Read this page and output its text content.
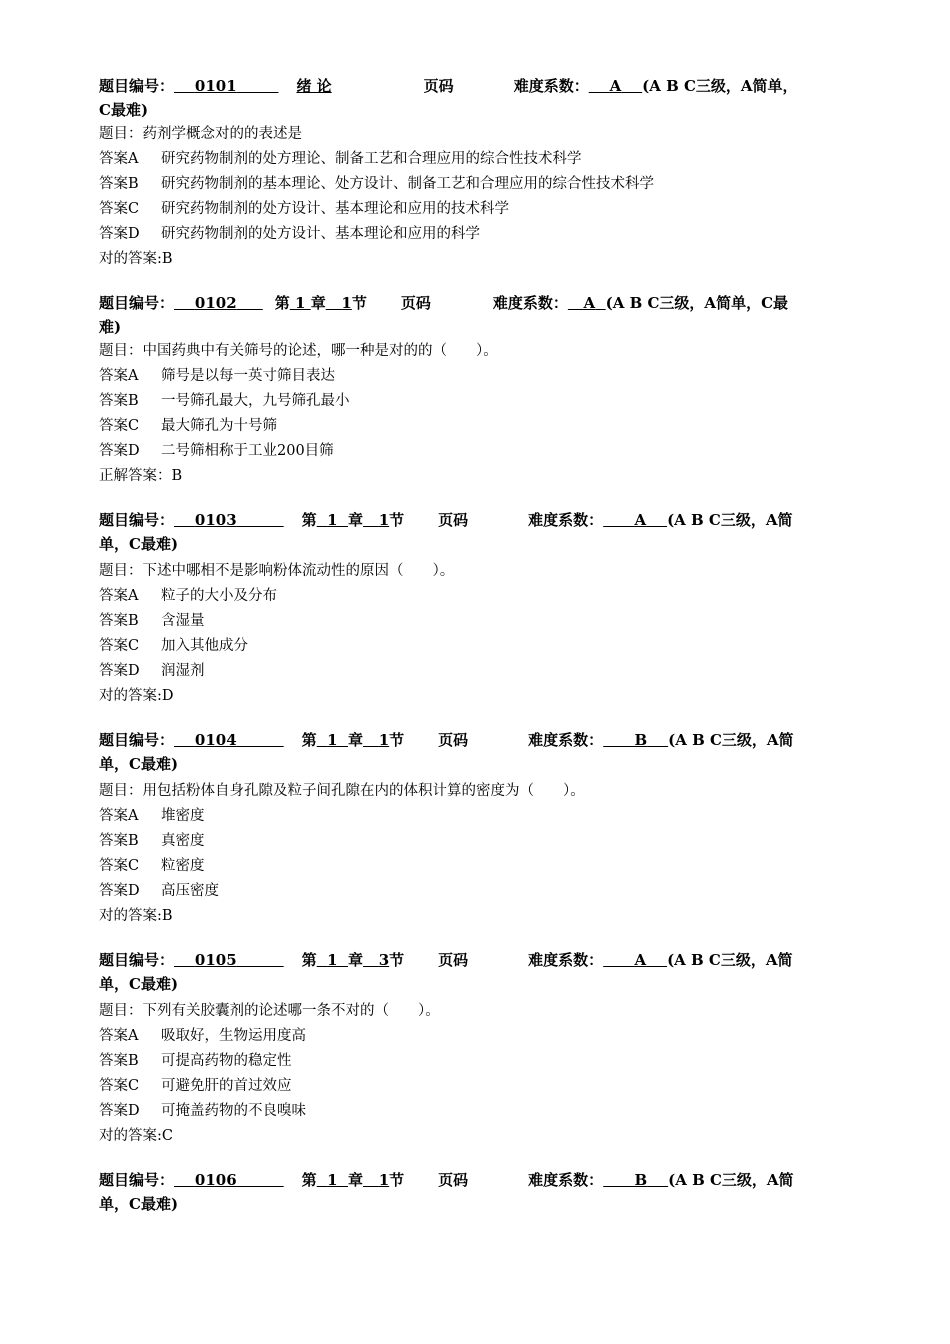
题目编号： 0101	绪 论	页码	难度系数： A (A B C三级，A简单，
C最难)
题目：药剂学概念对的的表述是
答案A 研究药物制剂的处方理论、制备工艺和合理应用的综合性技术科学
答案B 研究药物制剂的基本理论、处方设计、制备工艺和合理应用的综合性技术科学
答案C 研究药物制剂的处方设计、基本理论和应用的技术科学
答案D 研究药物制剂的处方设计、基本理论和应用的科学
对的答案:B
题目编号： 0102	第 1 章 1节 页码	难度系数： A (A B C三级，A简单，C最
难)
题目：中国药典中有关筛号的论述，哪一种是对的的（　　）。
答案A 筛号是以每一英寸筛目表达
答案B 一号筛孔最大，九号筛孔最小
答案C 最大筛孔为十号筛
答案D 二号筛相称于工业200目筛
正解答案：B
题目编号： 0103	第 1 章 1节 页码	难度系数： A (A B C三级，A简
单，C最难)
题目：下述中哪相不是影响粉体流动性的原因（　　）。
答案A 粒子的大小及分布
答案B 含湿量
答案C 加入其他成分
答案D 润湿剂
对的答案:D
题目编号： 0104	第 1 章 1节 页码	难度系数： B (A B C三级，A简
单，C最难)
题目：用包括粉体自身孔隙及粒子间孔隙在内的体积计算的密度为（　　）。
答案A 堆密度
答案B 真密度
答案C 粒密度
答案D 高压密度
对的答案:B
题目编号： 0105	第 1 章 3节 页码	难度系数： A (A B C三级，A简
单，C最难)
题目：下列有关胶囊剂的论述哪一条不对的（　　）。
答案A 吸取好，生物运用度高
答案B 可提高药物的稳定性
答案C 可避免肝的首过效应
答案D 可掩盖药物的不良嗅味
对的答案:C
题目编号： 0106	第 1 章 1节 页码	难度系数： B (A B C三级，A简
单，C最难)
